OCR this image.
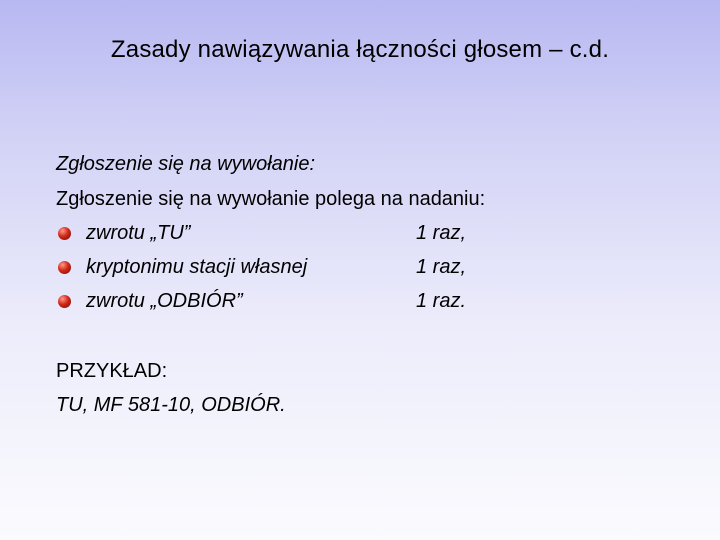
Zasady nawiązywania łączności głosem – c.d.
Zgłoszenie się na wywołanie:
Zgłoszenie się na wywołanie polega na nadaniu:
zwrotu „TU”	1 raz,
kryptonimu stacji własnej	1 raz,
zwrotu „ODBIÓR”	1 raz.
PRZYKŁAD:
TU, MF 581-10, ODBIÓR.
